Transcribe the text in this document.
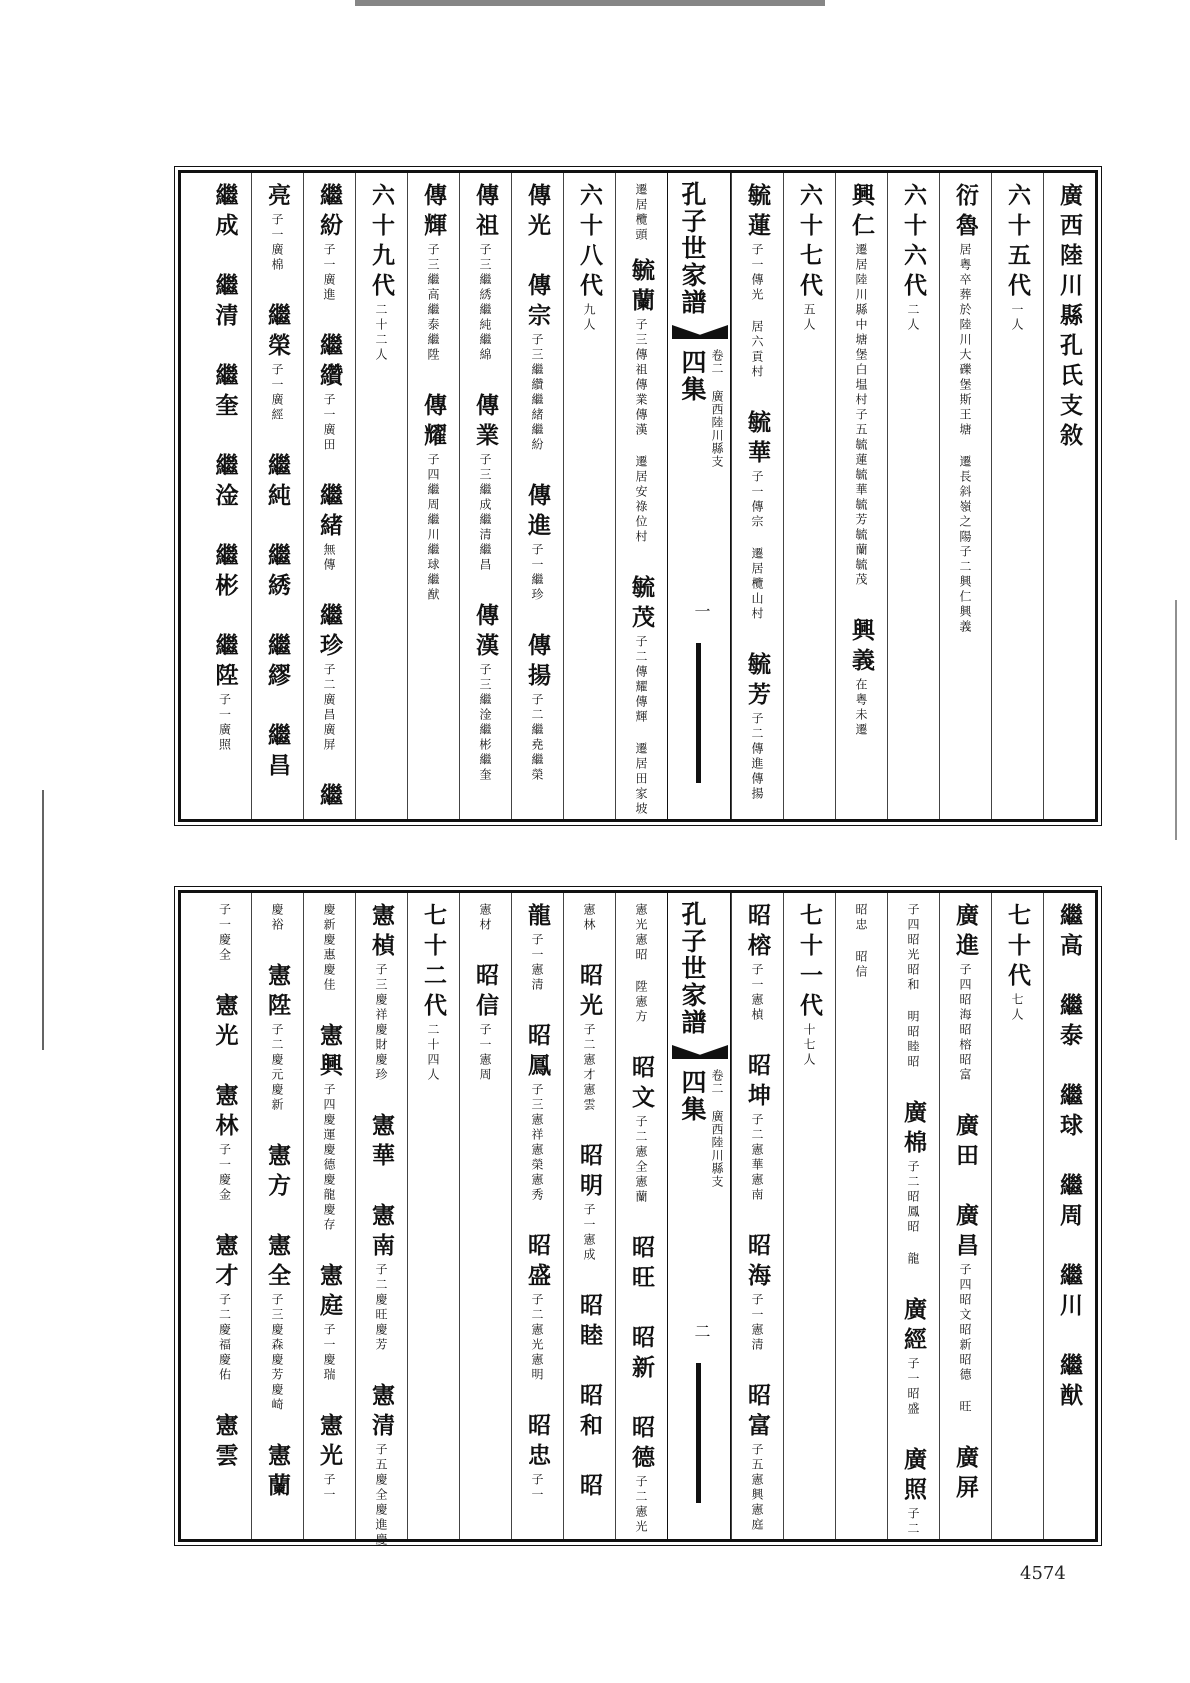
廣西陸川縣孔氏支敘　
六十五代一人　
衍魯居粵卒葬於陸川大礫堡斯王塘 遷長斜嶺之陽子二興仁興義　
六十六代二人　
興仁遷居陸川縣中塘堡白塭村子五毓蓮毓華毓芳毓蘭毓茂　興義在粵未遷　
六十七代五人　
毓蓮子一傳光 居六貢村　毓華子一傳宗 遷居欖山村　毓芳子二傳進傳揚　
孔子世家譜
四集 卷二 廣西陸川縣支
一
遷居欖頭　毓蘭子三傳祖傳業傳漢 遷居安祿位村　毓茂子二傳耀傳輝 遷居田家坡　
六十八代九人　
傳光　傳宗子三繼纘繼緒繼紛　傳進子一繼珍　傳揚子二繼堯繼榮　
傳祖子三繼綉繼純繼綿　傳業子三繼成繼清繼昌　傳漢子三繼淦繼彬繼奎　
傳輝子三繼高繼泰繼陞　傳耀子四繼周繼川繼球繼猷　
六十九代二十二人　
繼紛子一廣進　繼纘子一廣田　繼緒無傳　繼珍子二廣昌廣屏　繼　
亮子一廣棉　繼榮子一廣經　繼純　繼綉　繼繆　繼昌　
繼成　繼清　繼奎　繼淦　繼彬　繼陞子一廣照　
繼高　繼泰　繼球　繼周　繼川　繼猷　
七十代七人　
廣進子四昭海昭榕昭富　廣田　廣昌子四昭文昭新昭德 旺　廣屏　
子四昭光昭和 明昭睦昭　廣棉子二昭鳳昭 龍　廣經子一昭盛　廣照子二　
昭忠 昭信　
七十一代十七人　
昭榕子一憲楨　昭坤子二憲華憲南　昭海子一憲清　昭富子五憲興憲庭　
孔子世家譜
四集 卷二 廣西陸川縣支
二
憲光憲昭 陞憲方　昭文子二憲全憲蘭　昭旺　昭新　昭德子二憲光　
憲林　昭光子二憲才憲雲　昭明子一憲成　昭睦　昭和　昭　
龍子一憲清　昭鳳子三憲祥憲榮憲秀　昭盛子二憲光憲明　昭忠子一　
憲材　昭信子一憲周　
七十二代二十四人　
憲楨子三慶祥慶財慶珍　憲華　憲南子二慶旺慶芳　憲清子五慶全慶進慶　
慶新慶惠慶佳　憲興子四慶運慶德慶龍慶存　憲庭子一慶瑞　憲光子一　
慶裕　憲陞子二慶元慶新　憲方　憲全子三慶森慶芳慶崎　憲蘭　
子一慶全　憲光　憲林子一慶金　憲才子二慶福慶佑　憲雲　
4574
